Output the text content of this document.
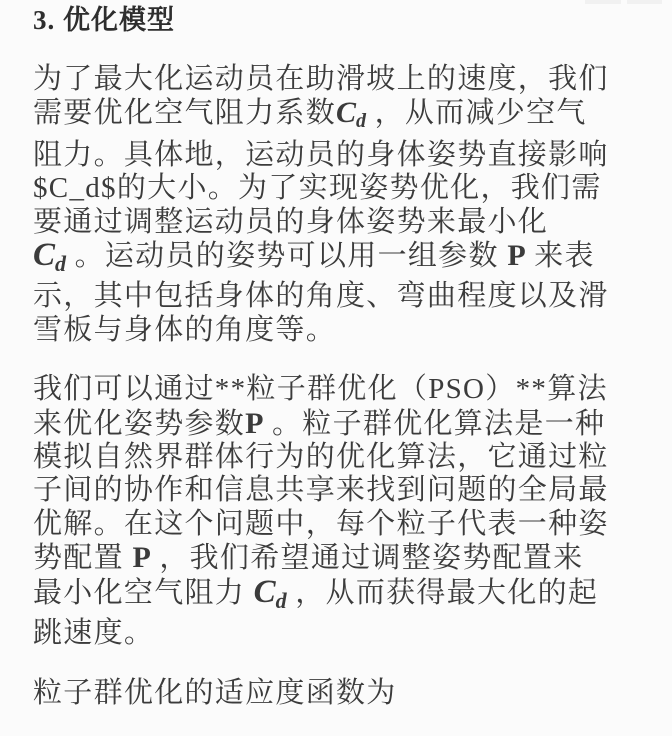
3. 优化模型
为了最大化运动员在助滑坡上的速度，我们
需要优化空气阻力系数Cd ，从而减少空气
阻力。具体地，运动员的身体姿势直接影响
$C_d$的大小。为了实现姿势优化，我们需
要通过调整运动员的身体姿势来最小化
$C_d$ 。运动员的姿势可以用一组参数 P 来表
示，其中包括身体的角度、弯曲程度以及滑
雪板与身体的角度等。
我们可以通过**粒子群优化（PSO）**算法
来优化姿势参数P 。粒子群优化算法是一种
模拟自然界群体行为的优化算法，它通过粒
子间的协作和信息共享来找到问题的全局最
优解。在这个问题中，每个粒子代表一种姿
势配置 P ，我们希望通过调整姿势配置来
最小化空气阻力 $C_d$ ，从而获得最大化的起
跳速度。
粒子群优化的适应度函数为
